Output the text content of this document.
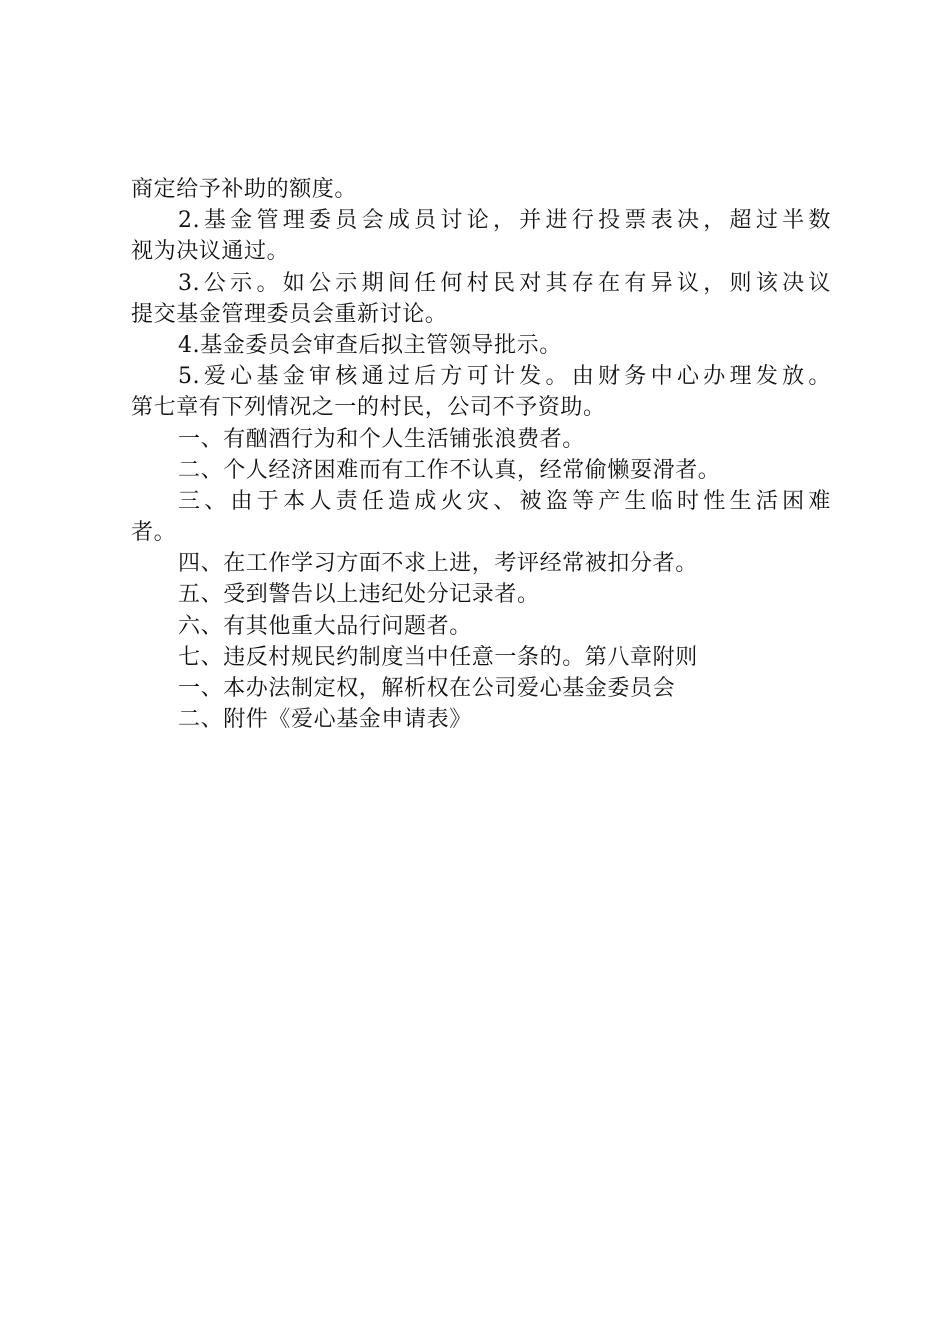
商定给予补助的额度。
2.基金管理委员会成员讨论，并进行投票表决，超过半数
视为决议通过。
3.公示。如公示期间任何村民对其存在有异议，则该决议
提交基金管理委员会重新讨论。
4.基金委员会审查后拟主管领导批示。
5.爱心基金审核通过后方可计发。由财务中心办理发放。
第七章有下列情况之一的村民，公司不予资助。
一、有酗酒行为和个人生活铺张浪费者。
二、个人经济困难而有工作不认真，经常偷懒耍滑者。
三、由于本人责任造成火灾、被盗等产生临时性生活困难
者。
四、在工作学习方面不求上进，考评经常被扣分者。
五、受到警告以上违纪处分记录者。
六、有其他重大品行问题者。
七、违反村规民约制度当中任意一条的。第八章附则
一、本办法制定权，解析权在公司爱心基金委员会
二、附件《爱心基金申请表》
